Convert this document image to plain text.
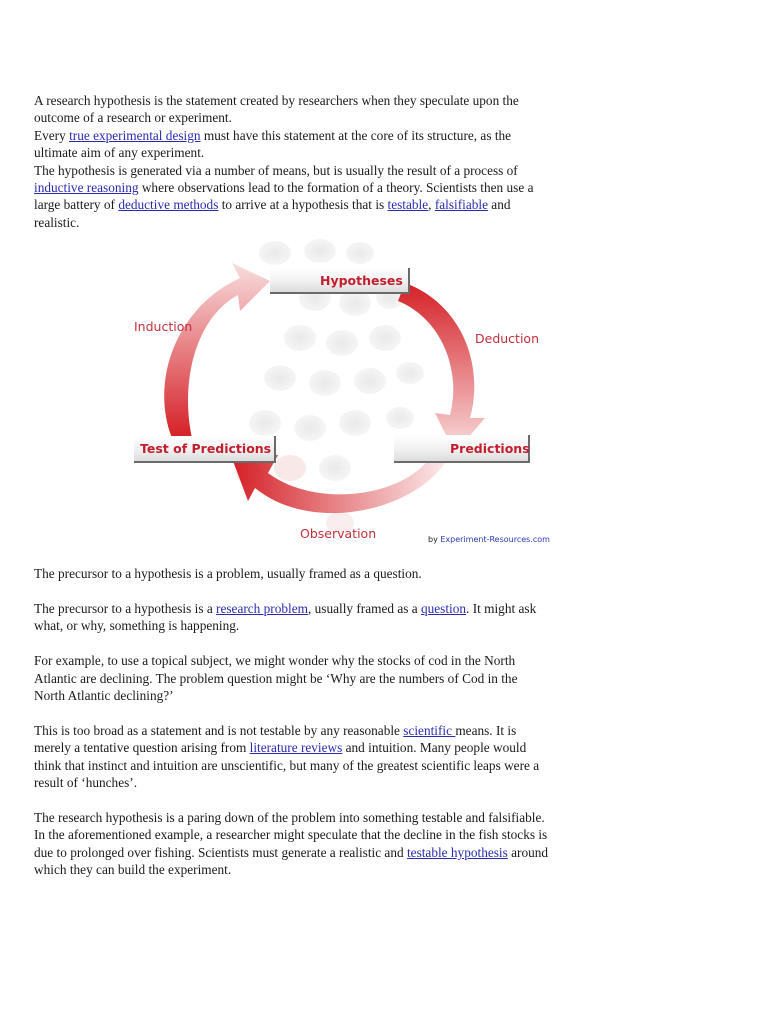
A research hypothesis is the statement created by researchers when they speculate upon the outcome of a research or experiment.
Every true experimental design must have this statement at the core of its structure, as the ultimate aim of any experiment.
The hypothesis is generated via a number of means, but is usually the result of a process of inductive reasoning where observations lead to the formation of a theory. Scientists then use a large battery of deductive methods to arrive at a hypothesis that is testable, falsifiable and realistic.

Hypotheses
Predictions
Test of Predictions
Induction
Deduction
Observation	by Experiment-Resources.com

The precursor to a hypothesis is a problem, usually framed as a question.

The precursor to a hypothesis is a research problem, usually framed as a question. It might ask what, or why, something is happening.

For example, to use a topical subject, we might wonder why the stocks of cod in the North Atlantic are declining. The problem question might be ‘Why are the numbers of Cod in the North Atlantic declining?’

This is too broad as a statement and is not testable by any reasonable scientific means. It is merely a tentative question arising from literature reviews and intuition. Many people would think that instinct and intuition are unscientific, but many of the greatest scientific leaps were a result of ‘hunches’.

The research hypothesis is a paring down of the problem into something testable and falsifiable. In the aforementioned example, a researcher might speculate that the decline in the fish stocks is due to prolonged over fishing. Scientists must generate a realistic and testable hypothesis around which they can build the experiment.
